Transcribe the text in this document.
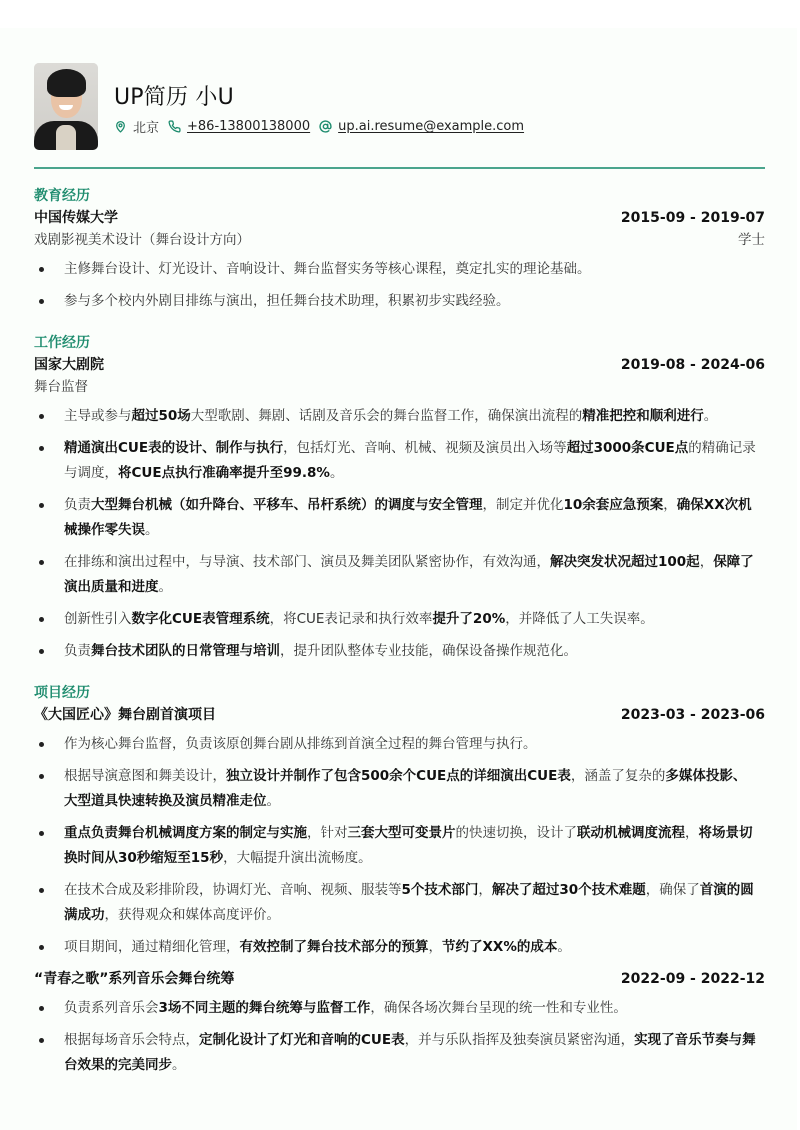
UP简历 小U
北京 +86-13800138000 up.ai.resume@example.com
教育经历
中国传媒大学	2015-09 - 2019-07
戏剧影视美术设计（舞台设计方向）	学士
主修舞台设计、灯光设计、音响设计、舞台监督实务等核心课程，奠定扎实的理论基础。
参与多个校内外剧目排练与演出，担任舞台技术助理，积累初步实践经验。
工作经历
国家大剧院	2019-08 - 2024-06
舞台监督
主导或参与超过50场大型歌剧、舞剧、话剧及音乐会的舞台监督工作，确保演出流程的精准把控和顺利进行。
精通演出CUE表的设计、制作与执行，包括灯光、音响、机械、视频及演员出入场等超过3000条CUE点的精确记录与调度，将CUE点执行准确率提升至99.8%。
负责大型舞台机械（如升降台、平移车、吊杆系统）的调度与安全管理，制定并优化10余套应急预案，确保XX次机械操作零失误。
在排练和演出过程中，与导演、技术部门、演员及舞美团队紧密协作，有效沟通，解决突发状况超过100起，保障了演出质量和进度。
创新性引入数字化CUE表管理系统，将CUE表记录和执行效率提升了20%，并降低了人工失误率。
负责舞台技术团队的日常管理与培训，提升团队整体专业技能，确保设备操作规范化。
项目经历
《大国匠心》舞台剧首演项目	2023-03 - 2023-06
作为核心舞台监督，负责该原创舞台剧从排练到首演全过程的舞台管理与执行。
根据导演意图和舞美设计，独立设计并制作了包含500余个CUE点的详细演出CUE表，涵盖了复杂的多媒体投影、大型道具快速转换及演员精准走位。
重点负责舞台机械调度方案的制定与实施，针对三套大型可变景片的快速切换，设计了联动机械调度流程，将场景切换时间从30秒缩短至15秒，大幅提升演出流畅度。
在技术合成及彩排阶段，协调灯光、音响、视频、服装等5个技术部门，解决了超过30个技术难题，确保了首演的圆满成功，获得观众和媒体高度评价。
项目期间，通过精细化管理，有效控制了舞台技术部分的预算，节约了XX%的成本。
“青春之歌”系列音乐会舞台统筹	2022-09 - 2022-12
负责系列音乐会3场不同主题的舞台统筹与监督工作，确保各场次舞台呈现的统一性和专业性。
根据每场音乐会特点，定制化设计了灯光和音响的CUE表，并与乐队指挥及独奏演员紧密沟通，实现了音乐节奏与舞台效果的完美同步。
